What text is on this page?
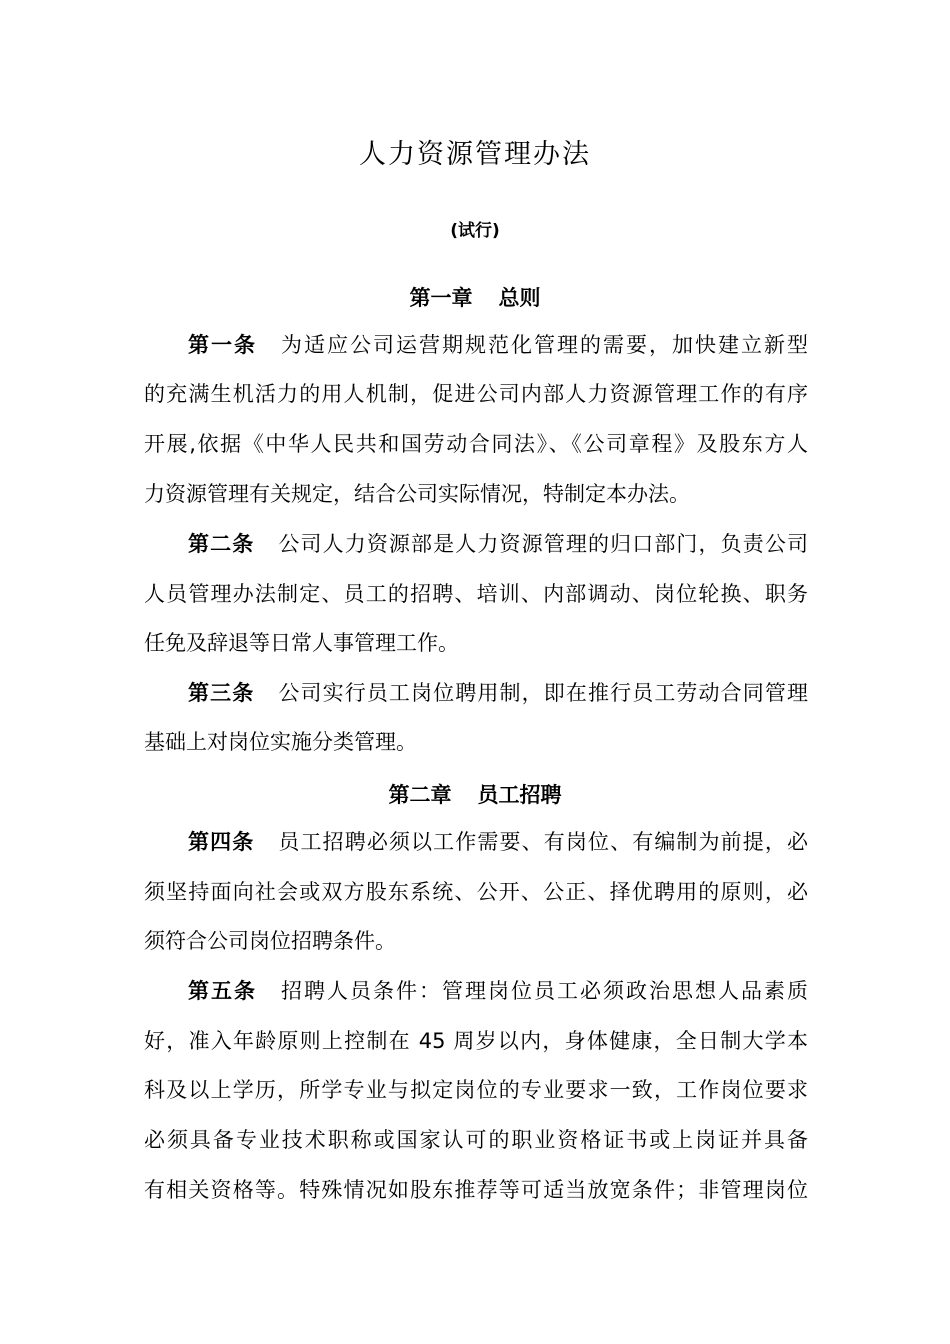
人力资源管理办法
(试行)
第一章 总则
第一条 为适应公司运营期规范化管理的需要，加快建立新型
的充满生机活力的用人机制，促进公司内部人力资源管理工作的有序
开展,依据《中华人民共和国劳动合同法》、《公司章程》及股东方人
力资源管理有关规定，结合公司实际情况，特制定本办法。
第二条 公司人力资源部是人力资源管理的归口部门，负责公司
人员管理办法制定、员工的招聘、培训、内部调动、岗位轮换、职务
任免及辞退等日常人事管理工作。
第三条 公司实行员工岗位聘用制，即在推行员工劳动合同管理
基础上对岗位实施分类管理。
第二章 员工招聘
第四条 员工招聘必须以工作需要、有岗位、有编制为前提，必
须坚持面向社会或双方股东系统、公开、公正、择优聘用的原则，必
须符合公司岗位招聘条件。
第五条 招聘人员条件：管理岗位员工必须政治思想人品素质
好，准入年龄原则上控制在 45 周岁以内，身体健康，全日制大学本
科及以上学历，所学专业与拟定岗位的专业要求一致，工作岗位要求
必须具备专业技术职称或国家认可的职业资格证书或上岗证并具备
有相关资格等。特殊情况如股东推荐等可适当放宽条件；非管理岗位
